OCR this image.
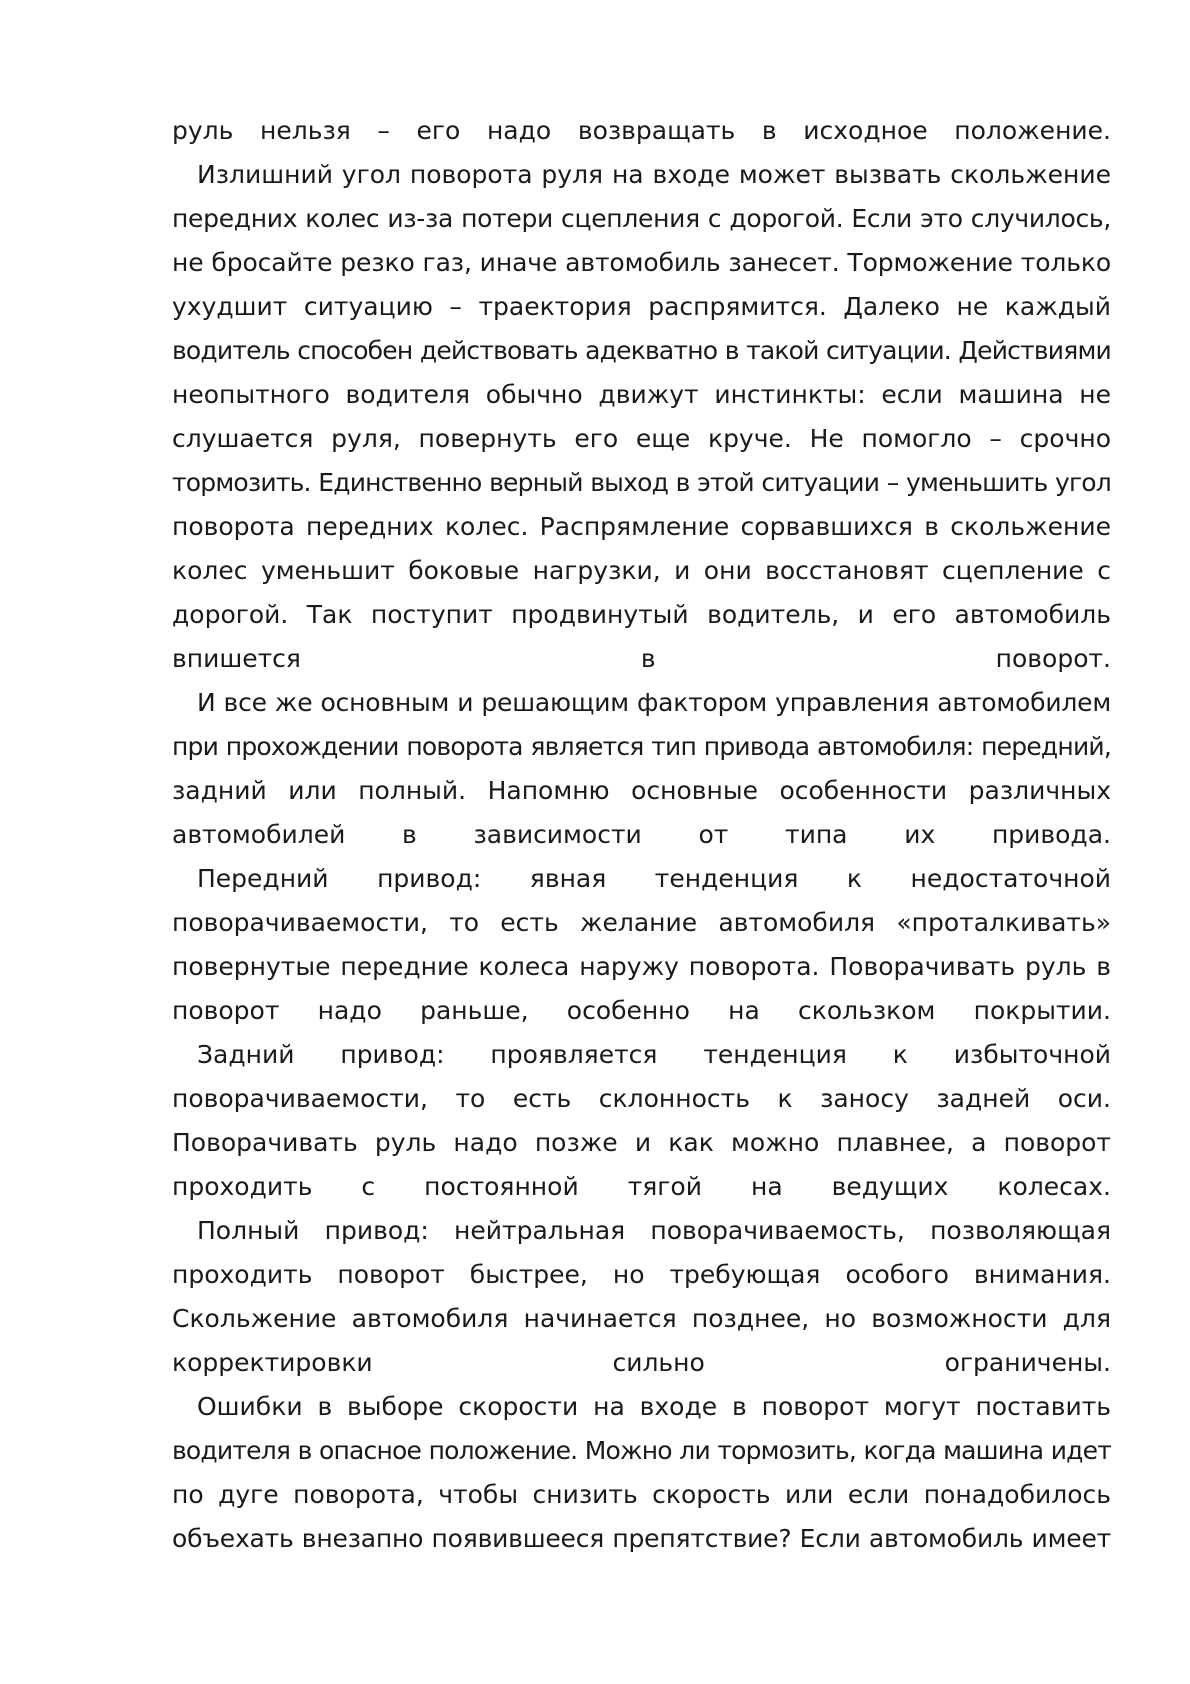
руль нельзя – его надо возвращать в исходное положение.
Излишний угол поворота руля на входе может вызвать скольжение
передних колес из-за потери сцепления с дорогой. Если это случилось,
не бросайте резко газ, иначе автомобиль занесет. Торможение только
ухудшит ситуацию – траектория распрямится. Далеко не каждый
водитель способен действовать адекватно в такой ситуации. Действиями
неопытного водителя обычно движут инстинкты: если машина не
слушается руля, повернуть его еще круче. Не помогло – срочно
тормозить. Единственно верный выход в этой ситуации – уменьшить угол
поворота передних колес. Распрямление сорвавшихся в скольжение
колес уменьшит боковые нагрузки, и они восстановят сцепление с
дорогой. Так поступит продвинутый водитель, и его автомобиль
впишется в поворот.
И все же основным и решающим фактором управления автомобилем
при прохождении поворота является тип привода автомобиля: передний,
задний или полный. Напомню основные особенности различных
автомобилей в зависимости от типа их привода.
Передний привод: явная тенденция к недостаточной
поворачиваемости, то есть желание автомобиля «проталкивать»
повернутые передние колеса наружу поворота. Поворачивать руль в
поворот надо раньше, особенно на скользком покрытии.
Задний привод: проявляется тенденция к избыточной
поворачиваемости, то есть склонность к заносу задней оси.
Поворачивать руль надо позже и как можно плавнее, а поворот
проходить с постоянной тягой на ведущих колесах.
Полный привод: нейтральная поворачиваемость, позволяющая
проходить поворот быстрее, но требующая особого внимания.
Скольжение автомобиля начинается позднее, но возможности для
корректировки сильно ограничены.
Ошибки в выборе скорости на входе в поворот могут поставить
водителя в опасное положение. Можно ли тормозить, когда машина идет
по дуге поворота, чтобы снизить скорость или если понадобилось
объехать внезапно появившееся препятствие? Если автомобиль имеет
